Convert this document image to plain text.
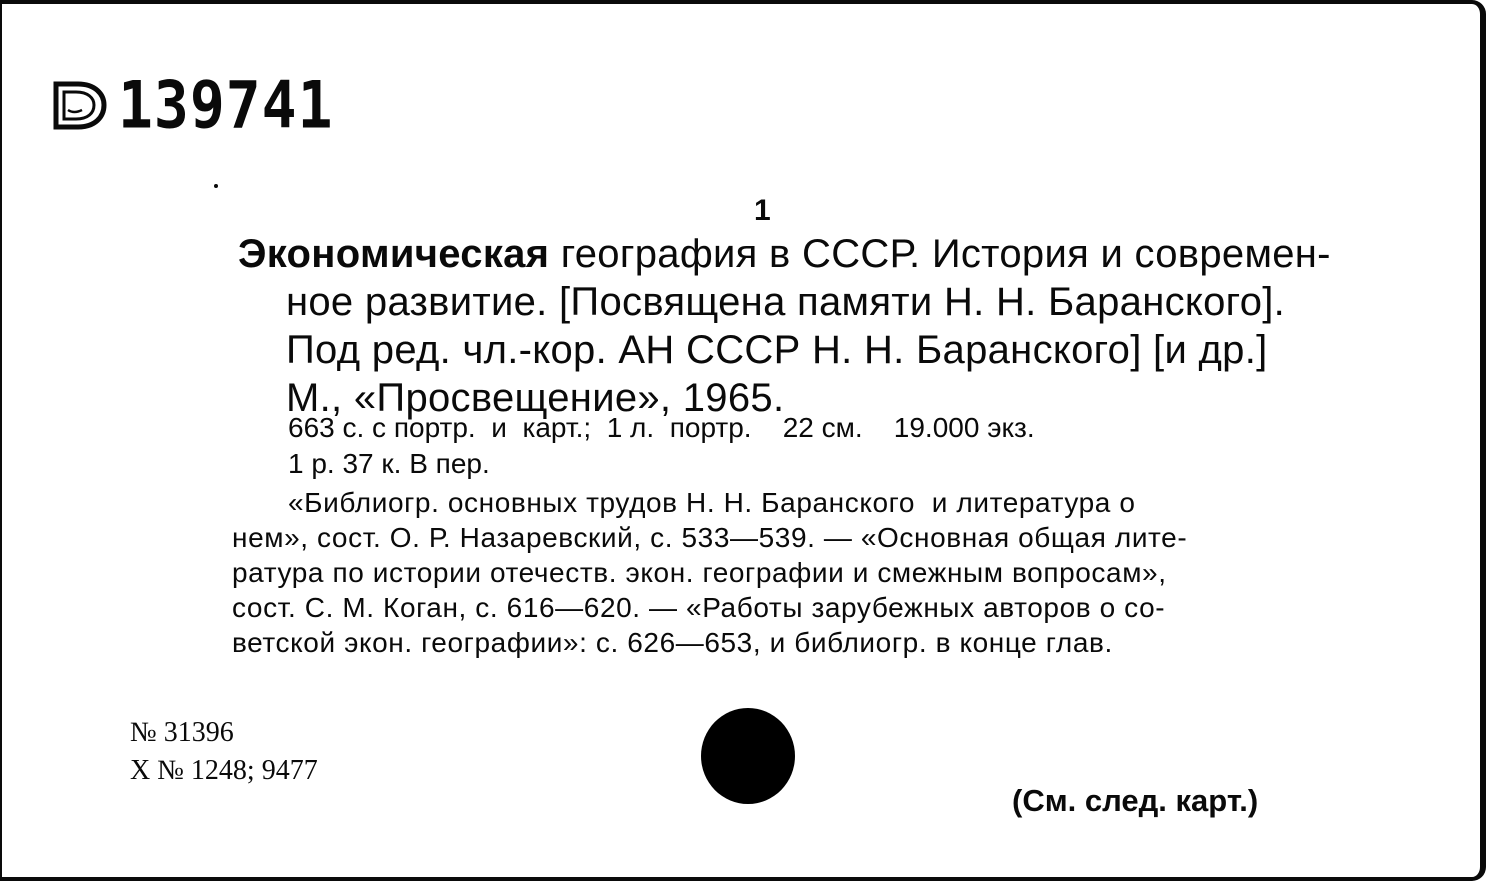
139741
1
Экономическая география в СССР. История и современ-
ное развитие. [Посвящена памяти Н. Н. Баранского].
Под ред. чл.-кор. АН СССР Н. Н. Баранского] [и др.]
М., «Просвещение», 1965.
663 с. с портр.  и  карт.;  1 л.  портр.    22 см.    19.000 экз.
1 р. 37 к. В пер.
«Библиогр. основных трудов Н. Н. Баранского  и литература о
нем», сост. О. Р. Назаревский, с. 533—539. — «Основная общая лите-
ратура по истории отечеств. экон. географии и смежным вопросам»,
сост. С. М. Коган, с. 616—620. — «Работы зарубежных авторов о со-
ветской экон. географии»: с. 626—653, и библиогр. в конце глав.
№ 31396
Х № 1248; 9477
(См. след. карт.)
